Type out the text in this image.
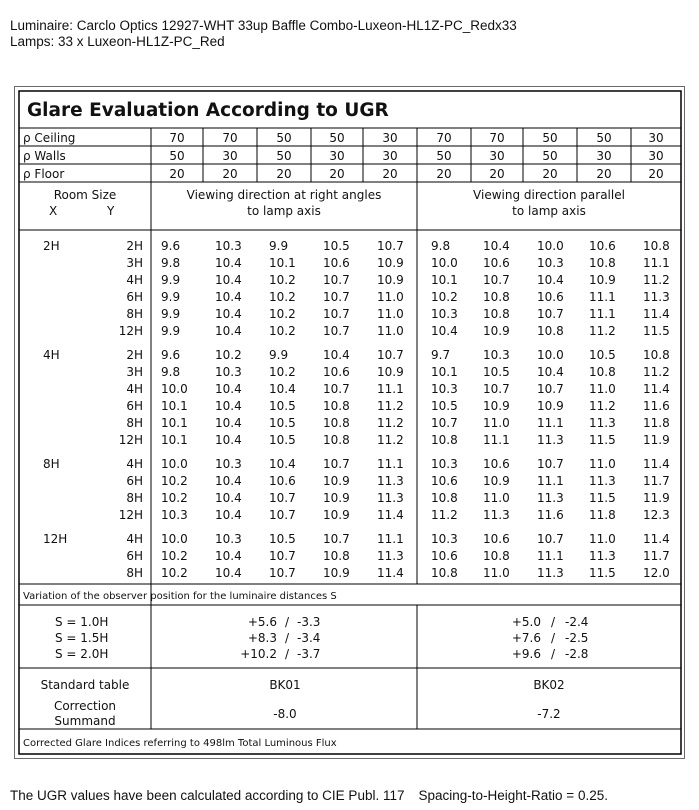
Luminaire: Carclo Optics 12927-WHT 33up Baffle Combo-Luxeon-HL1Z-PC_Redx33
Lamps: 33 x Luxeon-HL1Z-PC_Red
Glare Evaluation According to UGR
ρ Ceiling	70	70	50	50	30	70	70	50	50	30
ρ Walls	50	30	50	30	30	50	30	50	30	30
ρ Floor	20	20	20	20	20	20	20	20	20	20
Room Size
X	Y
Viewing direction at right angles
to lamp axis
Viewing direction parallel
to lamp axis
2H	2H 9.6	10.3 9.9	10.5 10.7 9.8	10.4 10.0 10.6 10.8
3H 9.8	10.4 10.1 10.6 10.9 10.0 10.6 10.3 10.8 11.1
4H 9.9	10.4 10.2 10.7 10.9 10.1 10.7 10.4 10.9 11.2
6H 9.9	10.4 10.2 10.7 11.0 10.2 10.8 10.6 11.1 11.3
8H 9.9	10.4 10.2 10.7 11.0 10.3 10.8 10.7 11.1 11.4
12H 9.9	10.4 10.2 10.7 11.0 10.4 10.9 10.8 11.2 11.5
4H	2H 9.6	10.2 9.9	10.4 10.7 9.7	10.3 10.0 10.5 10.8
3H 9.8	10.3 10.2 10.6 10.9 10.1 10.5 10.4 10.8 11.2
4H 10.0 10.4 10.4 10.7 11.1 10.3 10.7 10.7 11.0 11.4
6H 10.1 10.4 10.5 10.8 11.2 10.5 10.9 10.9 11.2 11.6
8H 10.1 10.4 10.5 10.8 11.2 10.7 11.0 11.1 11.3 11.8
12H 10.1 10.4 10.5 10.8 11.2 10.8 11.1 11.3 11.5 11.9
8H	4H 10.0 10.3 10.4 10.7 11.1 10.3 10.6 10.7 11.0 11.4
6H 10.2 10.4 10.6 10.9 11.3 10.6 10.9 11.1 11.3 11.7
8H 10.2 10.4 10.7 10.9 11.3 10.8 11.0 11.3 11.5 11.9
12H 10.3 10.4 10.7 10.9 11.4 11.2 11.3 11.6 11.8 12.3
12H	4H 10.0 10.3 10.5 10.7 11.1 10.3 10.6 10.7 11.0 11.4
6H 10.2 10.4 10.7 10.8 11.3 10.6 10.8 11.1 11.3 11.7
8H 10.2 10.4 10.7 10.9 11.4 10.8 11.0 11.3 11.5 12.0
Variation of the observer position for the luminaire distances S
S = 1.0H	+5.6 / -3.3	+5.0 / -2.4
S = 1.5H	+8.3 / -3.4	+7.6 / -2.5
S = 2.0H	+10.2 / -3.7	+9.6 / -2.8
Standard table	BK01	BK02
Correction
Summand	-8.0	-7.2
Corrected Glare Indices referring to 498lm Total Luminous Flux
The UGR values have been calculated according to CIE Publ. 117 Spacing-to-Height-Ratio = 0.25.
